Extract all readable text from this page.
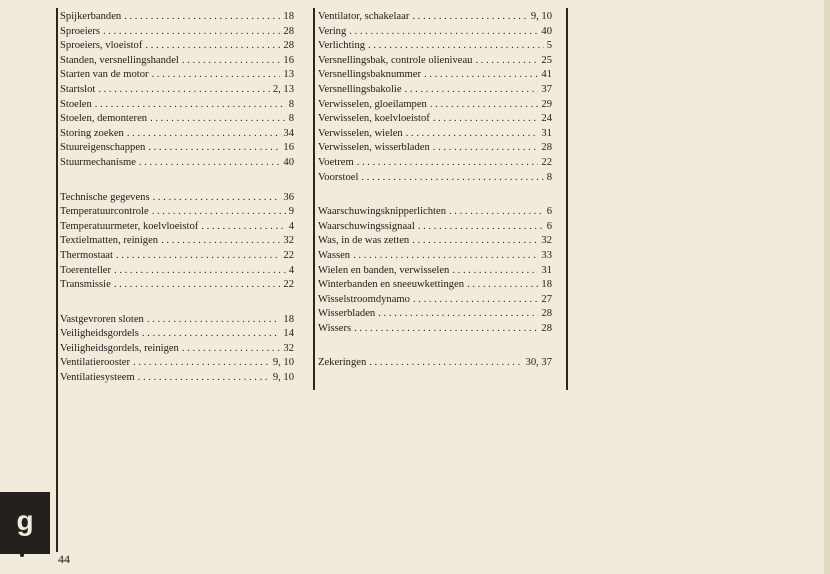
Spijkerbanden . . .	18
Sproeiers . . .	28
Sproeiers, vloeistof . . .	28
Standen, versnellingshandel . . .	16
Starten van de motor . . .	13
Startslot . . .	2, 13
Stoelen . . .	8
Stoelen, demonteren . . .	8
Storing zoeken . . .	34
Stuureigenschappen . . .	16
Stuurmechanisme . . .	40
Technische gegevens . . .	36
Temperatuurcontrole . . .	9
Temperatuurmeter, koelvloeistof . . .	4
Textielmatten, reinigen . . .	32
Thermostaat . . .	22
Toerenteller . . .	4
Transmissie . . .	22
Vastgevroren sloten . . .	18
Veiligheidsgordels . . .	14
Veiligheidsgordels, reinigen . . .	32
Ventilatierooster . . .	9, 10
Ventilatiesysteem . . .	9, 10
Ventilator, schakelaar . . .	9, 10
Vering . . .	40
Verlichting . . .	5
Versnellingsbak, controle olieniveau . . .	25
Versnellingsbaknummer . . .	41
Versnellingsbakolie . . .	37
Verwisselen, gloeilampen . . .	29
Verwisselen, koelvloeistof . . .	24
Verwisselen, wielen . . .	31
Verwisselen, wisserbladen . . .	28
Voetrem . . .	22
Voorstoel . . .	8
Waarschuwingsknipperlichten . . .	6
Waarschuwingssignaal . . .	6
Was, in de was zetten . . .	32
Wassen . . .	33
Wielen en banden, verwisselen . . .	31
Winterbanden en sneeuwkettingen . . .	18
Wisselstroomdynamo . . .	27
Wisserbladen . . .	28
Wissers . . .	28
Zekeringen . . .	30, 37
g
44
